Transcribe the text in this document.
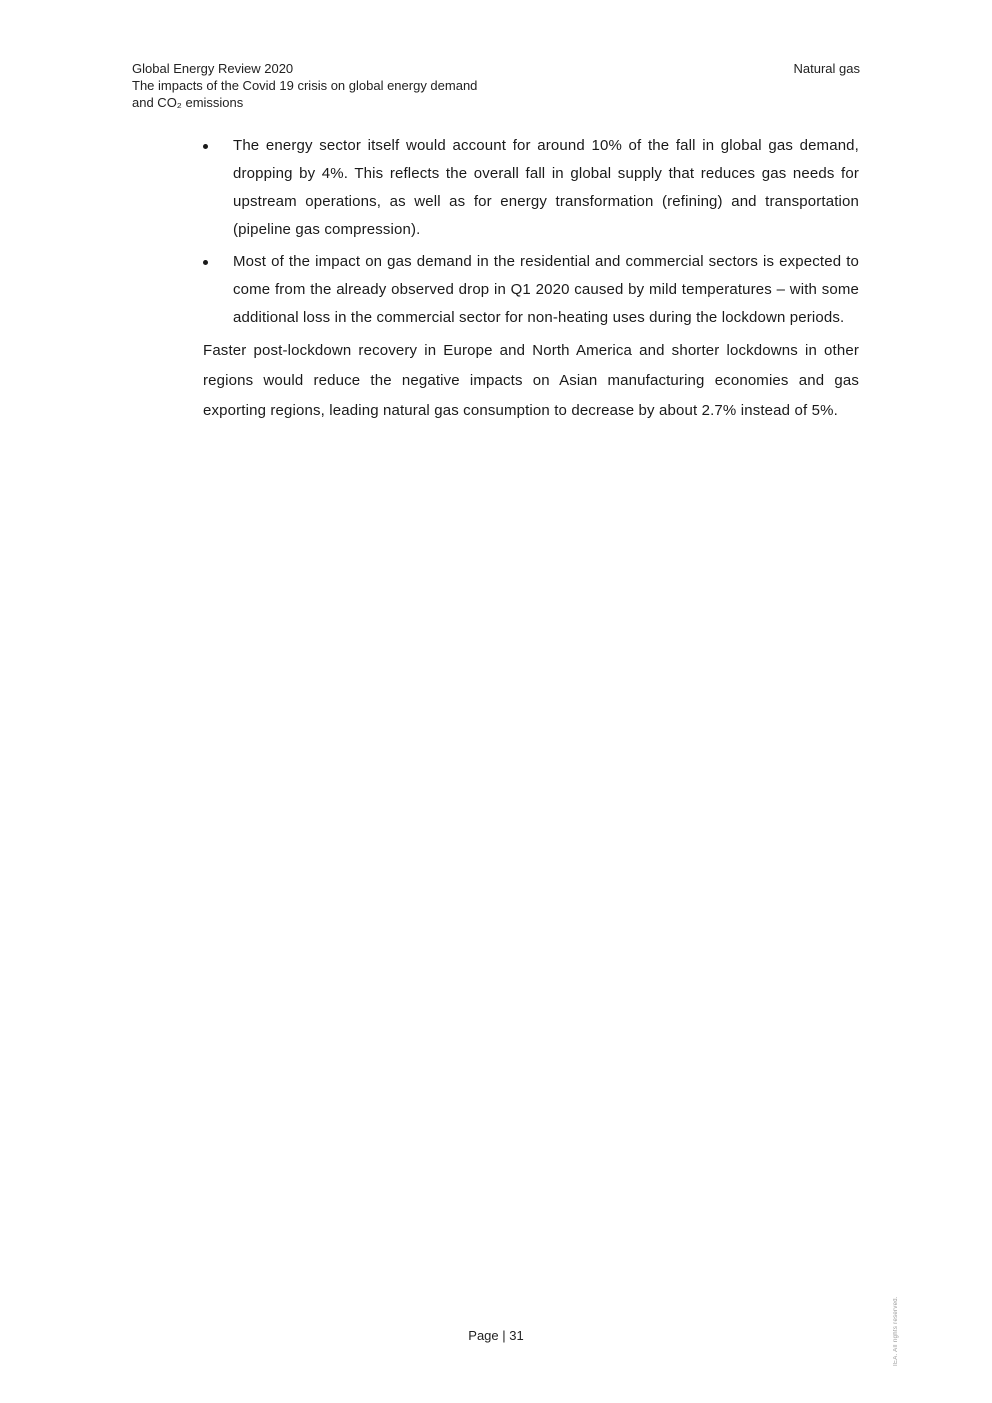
Global Energy Review 2020
The impacts of the Covid 19 crisis on global energy demand
and CO₂ emissions
Natural gas
The energy sector itself would account for around 10% of the fall in global gas demand, dropping by 4%. This reflects the overall fall in global supply that reduces gas needs for upstream operations, as well as for energy transformation (refining) and transportation (pipeline gas compression).
Most of the impact on gas demand in the residential and commercial sectors is expected to come from the already observed drop in Q1 2020 caused by mild temperatures – with some additional loss in the commercial sector for non-heating uses during the lockdown periods.

Faster post-lockdown recovery in Europe and North America and shorter lockdowns in other regions would reduce the negative impacts on Asian manufacturing economies and gas exporting regions, leading natural gas consumption to decrease by about 2.7% instead of 5%.

Page | 31	IEA. All rights reserved.
